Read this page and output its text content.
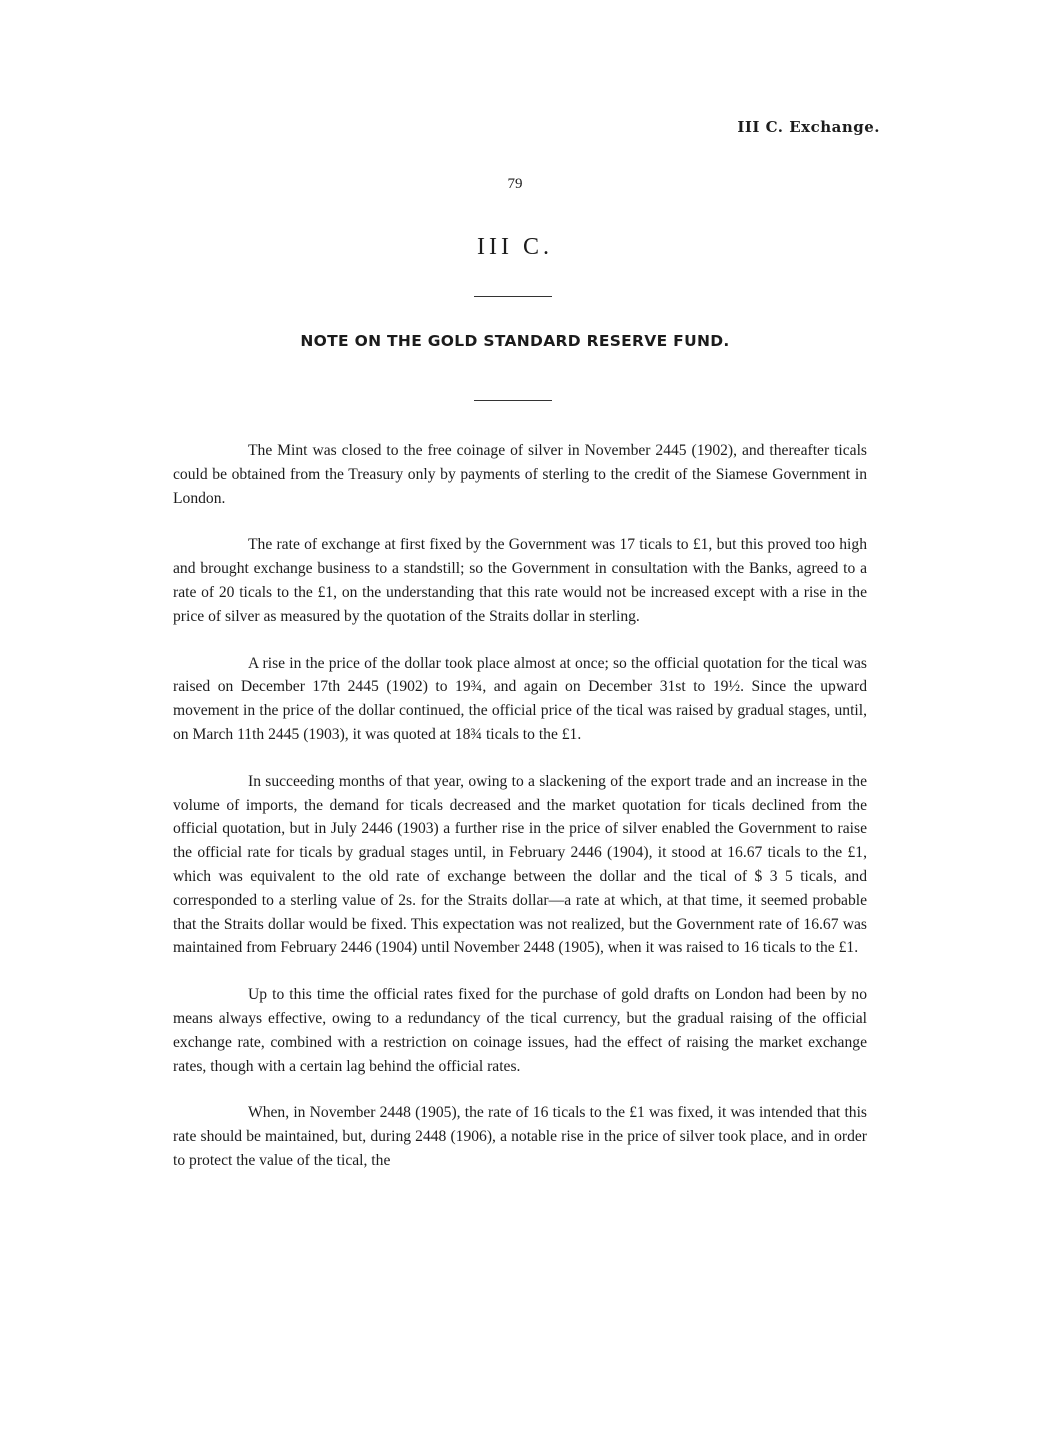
III C. Exchange.
79
III C.
NOTE ON THE GOLD STANDARD RESERVE FUND.

The Mint was closed to the free coinage of silver in November 2445 (1902), and thereafter ticals could be obtained from the Treasury only by payments of sterling to the credit of the Siamese Government in London.

The rate of exchange at first fixed by the Government was 17 ticals to £1, but this proved too high and brought exchange business to a standstill; so the Government in consultation with the Banks, agreed to a rate of 20 ticals to the £1, on the understanding that this rate would not be increased except with a rise in the price of silver as measured by the quotation of the Straits dollar in sterling.

A rise in the price of the dollar took place almost at once; so the official quotation for the tical was raised on December 17th 2445 (1902) to 19¾, and again on December 31st to 19½. Since the upward movement in the price of the dollar continued, the official price of the tical was raised by gradual stages, until, on March 11th 2445 (1903), it was quoted at 18¾ ticals to the £1.

In succeeding months of that year, owing to a slackening of the export trade and an increase in the volume of imports, the demand for ticals decreased and the market quotation for ticals declined from the official quotation, but in July 2446 (1903) a further rise in the price of silver enabled the Government to raise the official rate for ticals by gradual stages until, in February 2446 (1904), it stood at 16.67 ticals to the £1, which was equivalent to the old rate of exchange between the dollar and the tical of $ 3 5 ticals, and corresponded to a sterling value of 2s. for the Straits dollar—a rate at which, at that time, it seemed probable that the Straits dollar would be fixed. This expectation was not realized, but the Government rate of 16.67 was maintained from February 2446 (1904) until November 2448 (1905), when it was raised to 16 ticals to the £1.

Up to this time the official rates fixed for the purchase of gold drafts on London had been by no means always effective, owing to a redundancy of the tical currency, but the gradual raising of the official exchange rate, combined with a restriction on coinage issues, had the effect of raising the market exchange rates, though with a certain lag behind the official rates.

When, in November 2448 (1905), the rate of 16 ticals to the £1 was fixed, it was intended that this rate should be maintained, but, during 2448 (1906), a notable rise in the price of silver took place, and in order to protect the value of the tical, the
